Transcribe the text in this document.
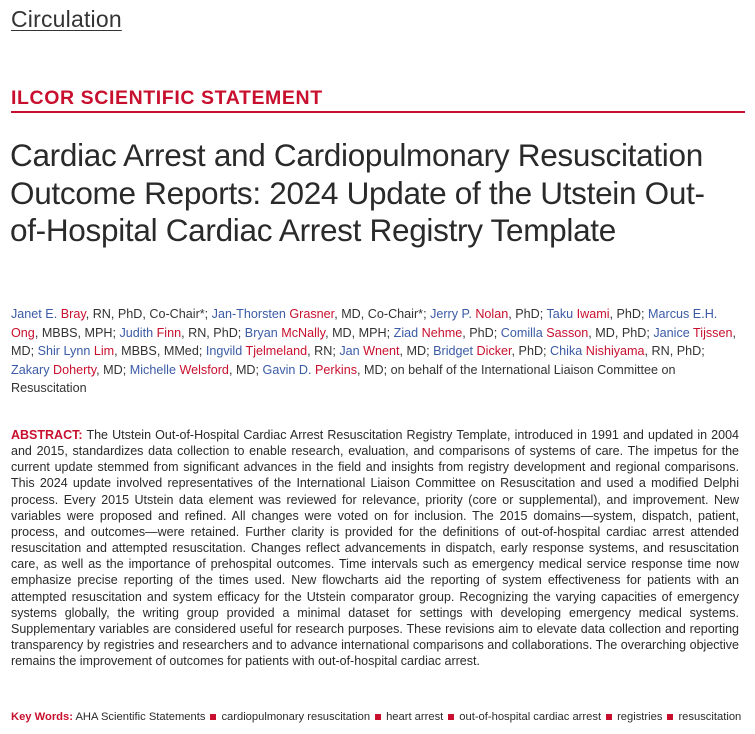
Circulation
ILCOR SCIENTIFIC STATEMENT
Cardiac Arrest and Cardiopulmonary Resuscitation Outcome Reports: 2024 Update of the Utstein Out-of-Hospital Cardiac Arrest Registry Template
Janet E. Bray, RN, PhD, Co-Chair*; Jan-Thorsten Grasner, MD, Co-Chair*; Jerry P. Nolan, PhD; Taku Iwami, PhD; Marcus E.H. Ong, MBBS, MPH; Judith Finn, RN, PhD; Bryan McNally, MD, MPH; Ziad Nehme, PhD; Comilla Sasson, MD, PhD; Janice Tijssen, MD; Shir Lynn Lim, MBBS, MMed; Ingvild Tjelmeland, RN; Jan Wnent, MD; Bridget Dicker, PhD; Chika Nishiyama, RN, PhD; Zakary Doherty, MD; Michelle Welsford, MD; Gavin D. Perkins, MD; on behalf of the International Liaison Committee on Resuscitation

ABSTRACT: The Utstein Out-of-Hospital Cardiac Arrest Resuscitation Registry Template, introduced in 1991 and updated in 2004 and 2015, standardizes data collection to enable research, evaluation, and comparisons of systems of care. The impetus for the current update stemmed from significant advances in the field and insights from registry development and regional comparisons. This 2024 update involved representatives of the International Liaison Committee on Resuscitation and used a modified Delphi process. Every 2015 Utstein data element was reviewed for relevance, priority (core or supplemental), and improvement. New variables were proposed and refined. All changes were voted on for inclusion. The 2015 domains—system, dispatch, patient, process, and outcomes—were retained. Further clarity is provided for the definitions of out-of-hospital cardiac arrest attended resuscitation and attempted resuscitation. Changes reflect advancements in dispatch, early response systems, and resuscitation care, as well as the importance of prehospital outcomes. Time intervals such as emergency medical service response time now emphasize precise reporting of the times used. New flowcharts aid the reporting of system effectiveness for patients with an attempted resuscitation and system efficacy for the Utstein comparator group. Recognizing the varying capacities of emergency systems globally, the writing group provided a minimal dataset for settings with developing emergency medical systems. Supplementary variables are considered useful for research purposes. These revisions aim to elevate data collection and reporting transparency by registries and researchers and to advance international comparisons and collaborations. The overarching objective remains the improvement of outcomes for patients with out-of-hospital cardiac arrest.

Key Words: AHA Scientific Statements cardiopulmonary resuscitation heart arrest out-of-hospital cardiac arrest registries resuscitation
